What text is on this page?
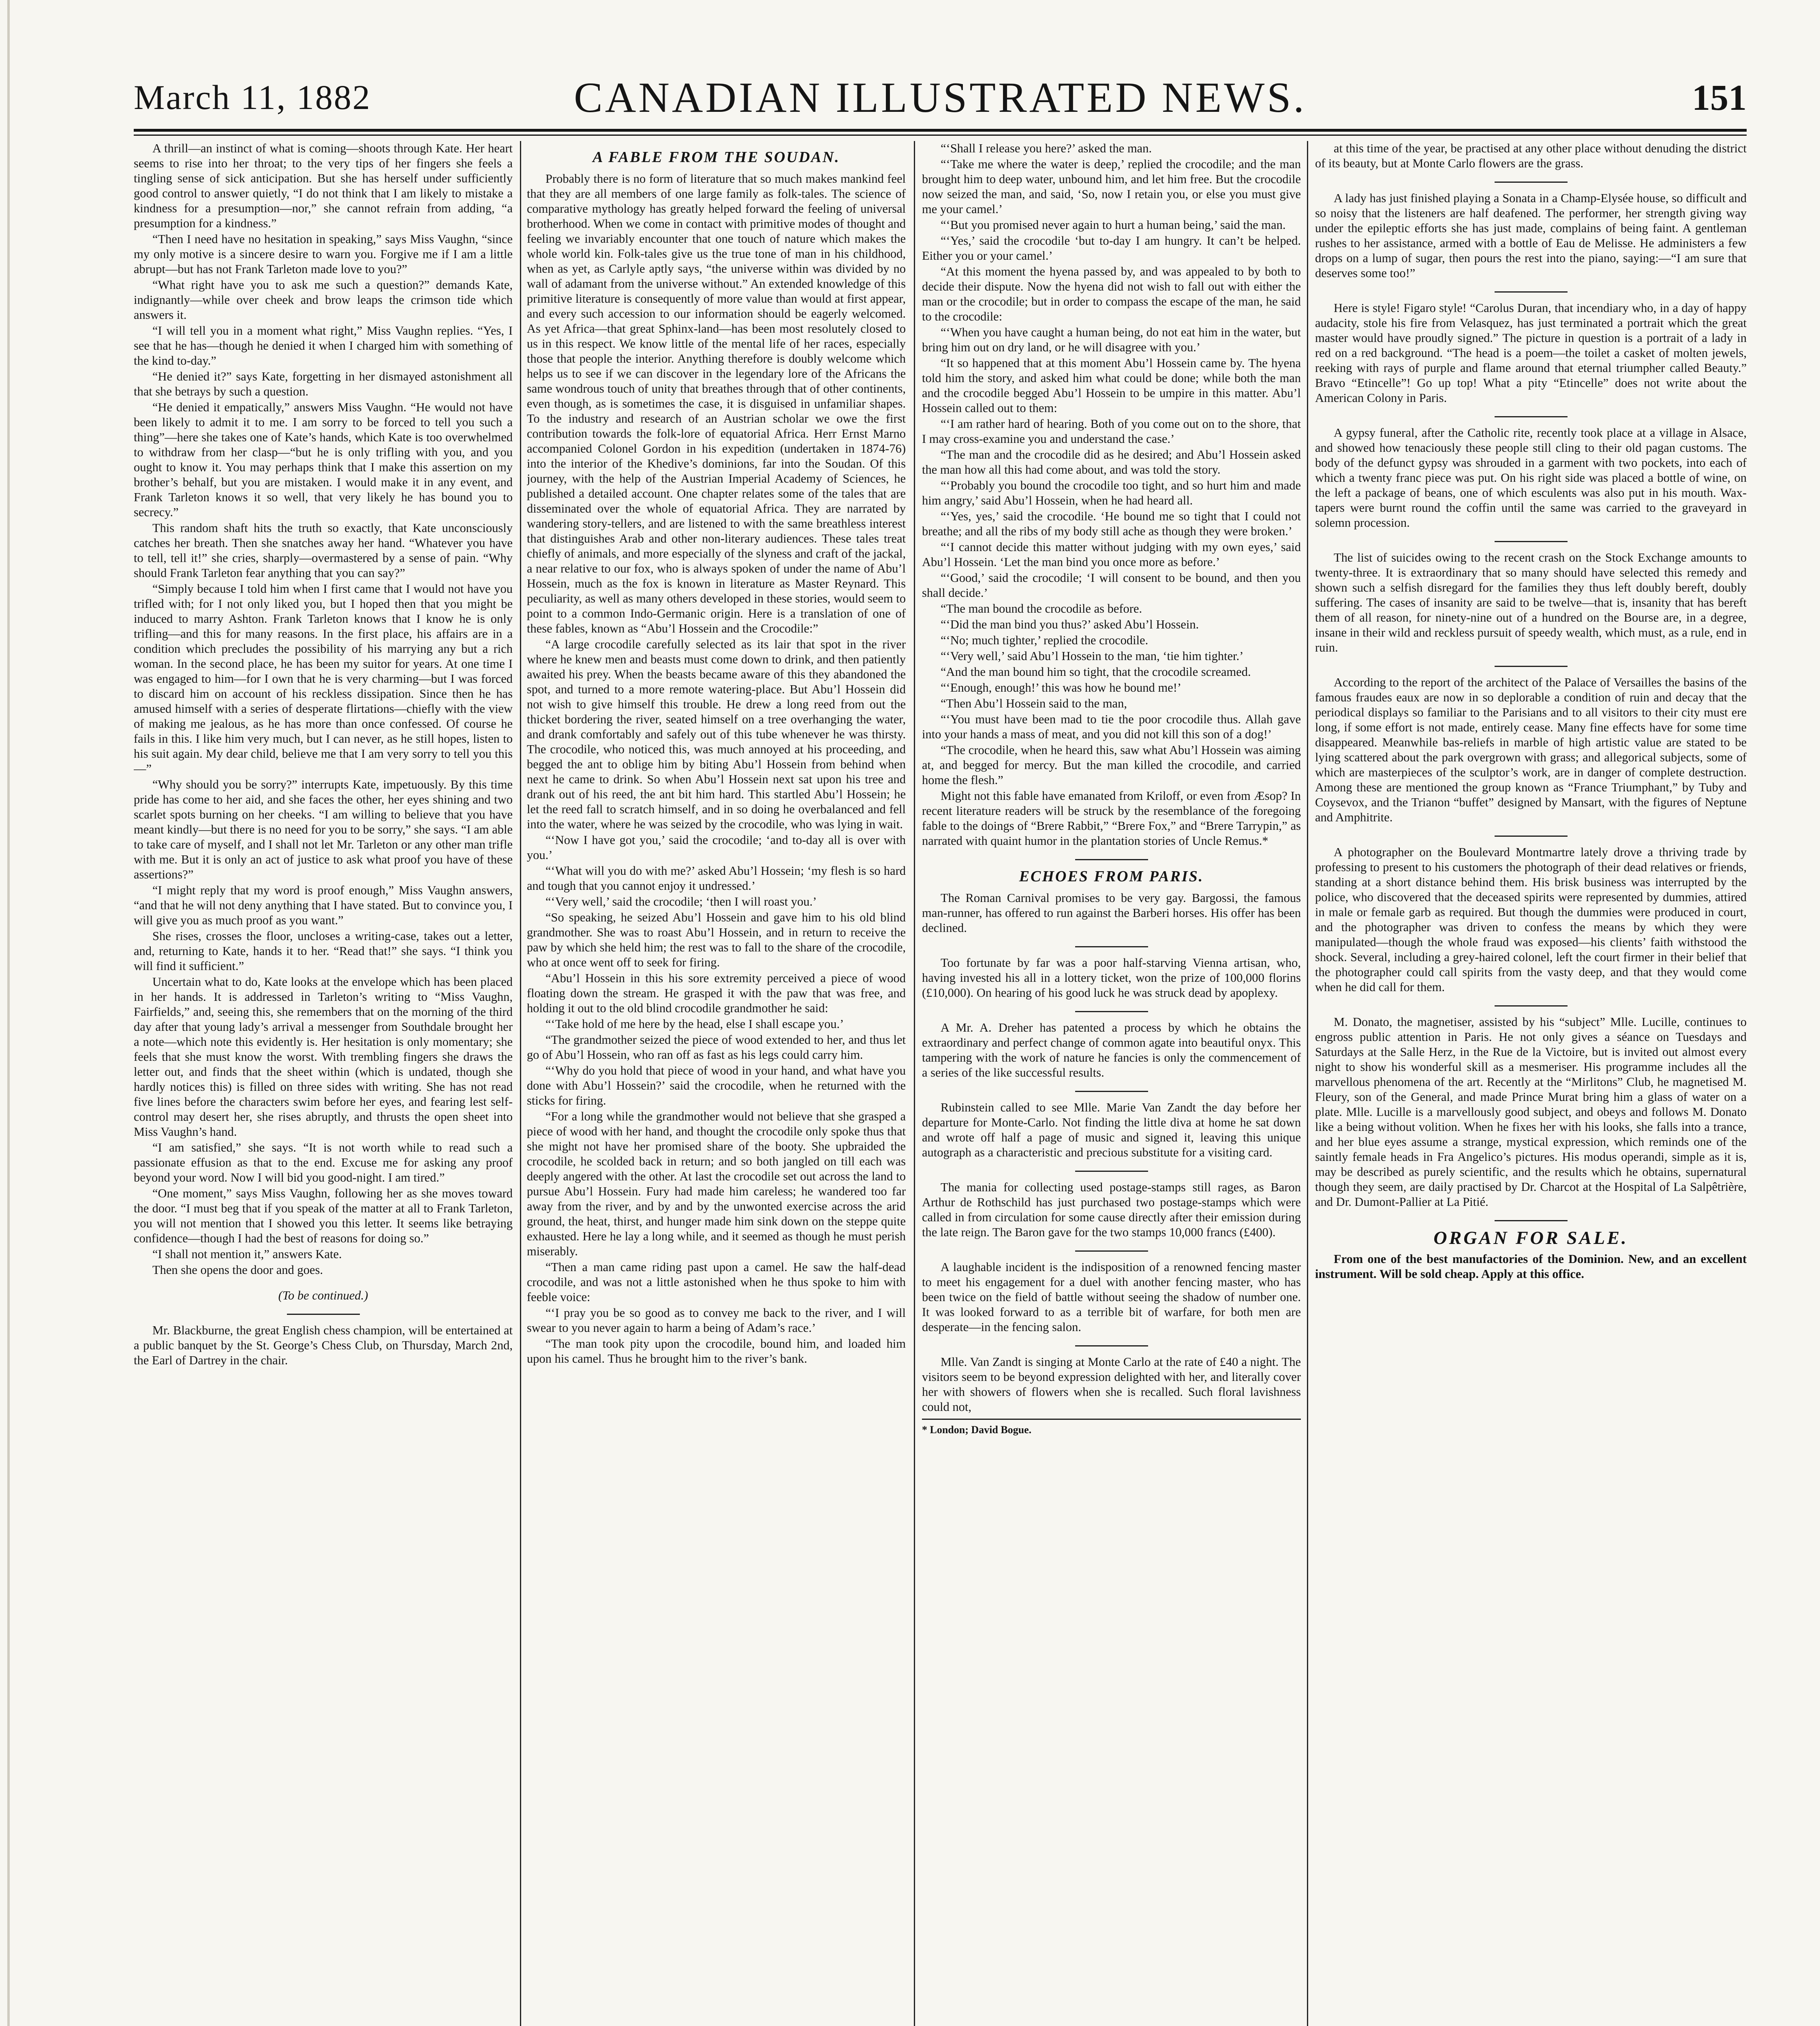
March 11, 1882	CANADIAN ILLUSTRATED NEWS.	151

A thrill—an instinct of what is coming—shoots through Kate. Her heart seems to rise into her throat; to the very tips of her fingers she feels a tingling sense of sick anticipation. But she has herself under sufficiently good control to answer quietly, “I do not think that I am likely to mistake a kindness for a presumption—nor,” she cannot refrain from adding, “a presumption for a kindness.”

“Then I need have no hesitation in speaking,” says Miss Vaughn, “since my only motive is a sincere desire to warn you. Forgive me if I am a little abrupt—but has not Frank Tarleton made love to you?”

“What right have you to ask me such a question?” demands Kate, indignantly—while over cheek and brow leaps the crimson tide which answers it.

“I will tell you in a moment what right,” Miss Vaughn replies. “Yes, I see that he has—though he denied it when I charged him with something of the kind to-day.”

“He denied it?” says Kate, forgetting in her dismayed astonishment all that she betrays by such a question.

“He denied it empatically,” answers Miss Vaughn. “He would not have been likely to admit it to me. I am sorry to be forced to tell you such a thing”—here she takes one of Kate’s hands, which Kate is too overwhelmed to withdraw from her clasp—“but he is only trifling with you, and you ought to know it. You may perhaps think that I make this assertion on my brother’s behalf, but you are mistaken. I would make it in any event, and Frank Tarleton knows it so well, that very likely he has bound you to secrecy.”

This random shaft hits the truth so exactly, that Kate unconsciously catches her breath. Then she snatches away her hand. “Whatever you have to tell, tell it!” she cries, sharply—overmastered by a sense of pain. “Why should Frank Tarleton fear anything that you can say?”

“Simply because I told him when I first came that I would not have you trifled with; for I not only liked you, but I hoped then that you might be induced to marry Ashton. Frank Tarleton knows that I know he is only trifling—and this for many reasons. In the first place, his affairs are in a condition which precludes the possibility of his marrying any but a rich woman. In the second place, he has been my suitor for years. At one time I was engaged to him—for I own that he is very charming—but I was forced to discard him on account of his reckless dissipation. Since then he has amused himself with a series of desperate flirtations—chiefly with the view of making me jealous, as he has more than once confessed. Of course he fails in this. I like him very much, but I can never, as he still hopes, listen to his suit again. My dear child, believe me that I am very sorry to tell you this—”

“Why should you be sorry?” interrupts Kate, impetuously. By this time pride has come to her aid, and she faces the other, her eyes shining and two scarlet spots burning on her cheeks. “I am willing to believe that you have meant kindly—but there is no need for you to be sorry,” she says. “I am able to take care of myself, and I shall not let Mr. Tarleton or any other man trifle with me. But it is only an act of justice to ask what proof you have of these assertions?”

“I might reply that my word is proof enough,” Miss Vaughn answers, “and that he will not deny anything that I have stated. But to convince you, I will give you as much proof as you want.”

She rises, crosses the floor, uncloses a writing-case, takes out a letter, and, returning to Kate, hands it to her. “Read that!” she says. “I think you will find it sufficient.”

Uncertain what to do, Kate looks at the envelope which has been placed in her hands. It is addressed in Tarleton’s writing to “Miss Vaughn, Fairfields,” and, seeing this, she remembers that on the morning of the third day after that young lady’s arrival a messenger from Southdale brought her a note—which note this evidently is. Her hesitation is only momentary; she feels that she must know the worst. With trembling fingers she draws the letter out, and finds that the sheet within (which is undated, though she hardly notices this) is filled on three sides with writing. She has not read five lines before the characters swim before her eyes, and fearing lest self-control may desert her, she rises abruptly, and thrusts the open sheet into Miss Vaughn’s hand.

“I am satisfied,” she says. “It is not worth while to read such a passionate effusion as that to the end. Excuse me for asking any proof beyond your word. Now I will bid you good-night. I am tired.”

“One moment,” says Miss Vaughn, following her as she moves toward the door. “I must beg that if you speak of the matter at all to Frank Tarleton, you will not mention that I showed you this letter. It seems like betraying confidence—though I had the best of reasons for doing so.”

“I shall not mention it,” answers Kate.

Then she opens the door and goes.

(To be continued.)

Mr. Blackburne, the great English chess champion, will be entertained at a public banquet by the St. George’s Chess Club, on Thursday, March 2nd, the Earl of Dartrey in the chair.

A FABLE FROM THE SOUDAN.

Probably there is no form of literature that so much makes mankind feel that they are all members of one large family as folk-tales. The science of comparative mythology has greatly helped forward the feeling of universal brotherhood. When we come in contact with primitive modes of thought and feeling we invariably encounter that one touch of nature which makes the whole world kin. Folk-tales give us the true tone of man in his childhood, when as yet, as Carlyle aptly says, “the universe within was divided by no wall of adamant from the universe without.” An extended knowledge of this primitive literature is consequently of more value than would at first appear, and every such accession to our information should be eagerly welcomed. As yet Africa—that great Sphinx-land—has been most resolutely closed to us in this respect. We know little of the mental life of her races, especially those that people the interior. Anything therefore is doubly welcome which helps us to see if we can discover in the legendary lore of the Africans the same wondrous touch of unity that breathes through that of other continents, even though, as is sometimes the case, it is disguised in unfamiliar shapes. To the industry and research of an Austrian scholar we owe the first contribution towards the folk-lore of equatorial Africa. Herr Ernst Marno accompanied Colonel Gordon in his expedition (undertaken in 1874-76) into the interior of the Khedive’s dominions, far into the Soudan. Of this journey, with the help of the Austrian Imperial Academy of Sciences, he published a detailed account. One chapter relates some of the tales that are disseminated over the whole of equatorial Africa. They are narrated by wandering story-tellers, and are listened to with the same breathless interest that distinguishes Arab and other non-literary audiences. These tales treat chiefly of animals, and more especially of the slyness and craft of the jackal, a near relative to our fox, who is always spoken of under the name of Abu’l Hossein, much as the fox is known in literature as Master Reynard. This peculiarity, as well as many others developed in these stories, would seem to point to a common Indo-Germanic origin. Here is a translation of one of these fables, known as “Abu’l Hossein and the Crocodile:”

“A large crocodile carefully selected as its lair that spot in the river where he knew men and beasts must come down to drink, and then patiently awaited his prey. When the beasts became aware of this they abandoned the spot, and turned to a more remote watering-place. But Abu’l Hossein did not wish to give himself this trouble. He drew a long reed from out the thicket bordering the river, seated himself on a tree overhanging the water, and drank comfortably and safely out of this tube whenever he was thirsty. The crocodile, who noticed this, was much annoyed at his proceeding, and begged the ant to oblige him by biting Abu’l Hossein from behind when next he came to drink. So when Abu’l Hossein next sat upon his tree and drank out of his reed, the ant bit him hard. This startled Abu’l Hossein; he let the reed fall to scratch himself, and in so doing he overbalanced and fell into the water, where he was seized by the crocodile, who was lying in wait.

“‘Now I have got you,’ said the crocodile; ‘and to-day all is over with you.’

“‘What will you do with me?’ asked Abu’l Hossein; ‘my flesh is so hard and tough that you cannot enjoy it undressed.’

“‘Very well,’ said the crocodile; ‘then I will roast you.’

“So speaking, he seized Abu’l Hossein and gave him to his old blind grandmother. She was to roast Abu’l Hossein, and in return to receive the paw by which she held him; the rest was to fall to the share of the crocodile, who at once went off to seek for firing.

“Abu’l Hossein in this his sore extremity perceived a piece of wood floating down the stream. He grasped it with the paw that was free, and holding it out to the old blind crocodile grandmother he said:

“‘Take hold of me here by the head, else I shall escape you.’

“The grandmother seized the piece of wood extended to her, and thus let go of Abu’l Hossein, who ran off as fast as his legs could carry him.

“‘Why do you hold that piece of wood in your hand, and what have you done with Abu’l Hossein?’ said the crocodile, when he returned with the sticks for firing.

“For a long while the grandmother would not believe that she grasped a piece of wood with her hand, and thought the crocodile only spoke thus that she might not have her promised share of the booty. She upbraided the crocodile, he scolded back in return; and so both jangled on till each was deeply angered with the other. At last the crocodile set out across the land to pursue Abu’l Hossein. Fury had made him careless; he wandered too far away from the river, and by and by the unwonted exercise across the arid ground, the heat, thirst, and hunger made him sink down on the steppe quite exhausted. Here he lay a long while, and it seemed as though he must perish miserably.

“Then a man came riding past upon a camel. He saw the half-dead crocodile, and was not a little astonished when he thus spoke to him with feeble voice:

“‘I pray you be so good as to convey me back to the river, and I will swear to you never again to harm a being of Adam’s race.’

“The man took pity upon the crocodile, bound him, and loaded him upon his camel. Thus he brought him to the river’s bank.

“‘Shall I release you here?’ asked the man.

“‘Take me where the water is deep,’ replied the crocodile; and the man brought him to deep water, unbound him, and let him free. But the crocodile now seized the man, and said, ‘So, now I retain you, or else you must give me your camel.’

“‘But you promised never again to hurt a human being,’ said the man.

“‘Yes,’ said the crocodile ‘but to-day I am hungry. It can’t be helped. Either you or your camel.’

“At this moment the hyena passed by, and was appealed to by both to decide their dispute. Now the hyena did not wish to fall out with either the man or the crocodile; but in order to compass the escape of the man, he said to the crocodile:

“‘When you have caught a human being, do not eat him in the water, but bring him out on dry land, or he will disagree with you.’

“It so happened that at this moment Abu’l Hossein came by. The hyena told him the story, and asked him what could be done; while both the man and the crocodile begged Abu’l Hossein to be umpire in this matter. Abu’l Hossein called out to them:

“‘I am rather hard of hearing. Both of you come out on to the shore, that I may cross-examine you and understand the case.’

“The man and the crocodile did as he desired; and Abu’l Hossein asked the man how all this had come about, and was told the story.

“‘Probably you bound the crocodile too tight, and so hurt him and made him angry,’ said Abu’l Hossein, when he had heard all.

“‘Yes, yes,’ said the crocodile. ‘He bound me so tight that I could not breathe; and all the ribs of my body still ache as though they were broken.’

“‘I cannot decide this matter without judging with my own eyes,’ said Abu’l Hossein. ‘Let the man bind you once more as before.’

“‘Good,’ said the crocodile; ‘I will consent to be bound, and then you shall decide.’

“The man bound the crocodile as before.

“‘Did the man bind you thus?’ asked Abu’l Hossein.

“‘No; much tighter,’ replied the crocodile.

“‘Very well,’ said Abu’l Hossein to the man, ‘tie him tighter.’

“And the man bound him so tight, that the crocodile screamed.

“‘Enough, enough!’ this was how he bound me!’

“Then Abu’l Hossein said to the man,

“‘You must have been mad to tie the poor crocodile thus. Allah gave into your hands a mass of meat, and you did not kill this son of a dog!’

“The crocodile, when he heard this, saw what Abu’l Hossein was aiming at, and begged for mercy. But the man killed the crocodile, and carried home the flesh.”

Might not this fable have emanated from Kriloff, or even from Æsop? In recent literature readers will be struck by the resemblance of the foregoing fable to the doings of “Brere Rabbit,” “Brere Fox,” and “Brere Tarrypin,” as narrated with quaint humor in the plantation stories of Uncle Remus.*

ECHOES FROM PARIS.

The Roman Carnival promises to be very gay. Bargossi, the famous man-runner, has offered to run against the Barberi horses. His offer has been declined.

Too fortunate by far was a poor half-starving Vienna artisan, who, having invested his all in a lottery ticket, won the prize of 100,000 florins (£10,000). On hearing of his good luck he was struck dead by apoplexy.

A Mr. A. Dreher has patented a process by which he obtains the extraordinary and perfect change of common agate into beautiful onyx. This tampering with the work of nature he fancies is only the commencement of a series of the like successful results.

Rubinstein called to see Mlle. Marie Van Zandt the day before her departure for Monte-Carlo. Not finding the little diva at home he sat down and wrote off half a page of music and signed it, leaving this unique autograph as a characteristic and precious substitute for a visiting card.

The mania for collecting used postage-stamps still rages, as Baron Arthur de Rothschild has just purchased two postage-stamps which were called in from circulation for some cause directly after their emission during the late reign. The Baron gave for the two stamps 10,000 francs (£400).

A laughable incident is the indisposition of a renowned fencing master to meet his engagement for a duel with another fencing master, who has been twice on the field of battle without seeing the shadow of number one. It was looked forward to as a terrible bit of warfare, for both men are desperate—in the fencing salon.

Mlle. Van Zandt is singing at Monte Carlo at the rate of £40 a night. The visitors seem to be beyond expression delighted with her, and literally cover her with showers of flowers when she is recalled. Such floral lavishness could not,

* London; David Bogue.

at this time of the year, be practised at any other place without denuding the district of its beauty, but at Monte Carlo flowers are the grass.

A lady has just finished playing a Sonata in a Champ-Elysée house, so difficult and so noisy that the listeners are half deafened. The performer, her strength giving way under the epileptic efforts she has just made, complains of being faint. A gentleman rushes to her assistance, armed with a bottle of Eau de Melisse. He administers a few drops on a lump of sugar, then pours the rest into the piano, saying:—“I am sure that deserves some too!”

Here is style! Figaro style! “Carolus Duran, that incendiary who, in a day of happy audacity, stole his fire from Velasquez, has just terminated a portrait which the great master would have proudly signed.” The picture in question is a portrait of a lady in red on a red background. “The head is a poem—the toilet a casket of molten jewels, reeking with rays of purple and flame around that eternal triumpher called Beauty.” Bravo “Etincelle”! Go up top! What a pity “Etincelle” does not write about the American Colony in Paris.

A gypsy funeral, after the Catholic rite, recently took place at a village in Alsace, and showed how tenaciously these people still cling to their old pagan customs. The body of the defunct gypsy was shrouded in a garment with two pockets, into each of which a twenty franc piece was put. On his right side was placed a bottle of wine, on the left a package of beans, one of which esculents was also put in his mouth. Wax-tapers were burnt round the coffin until the same was carried to the graveyard in solemn procession.

The list of suicides owing to the recent crash on the Stock Exchange amounts to twenty-three. It is extraordinary that so many should have selected this remedy and shown such a selfish disregard for the families they thus left doubly bereft, doubly suffering. The cases of insanity are said to be twelve—that is, insanity that has bereft them of all reason, for ninety-nine out of a hundred on the Bourse are, in a degree, insane in their wild and reckless pursuit of speedy wealth, which must, as a rule, end in ruin.

According to the report of the architect of the Palace of Versailles the basins of the famous fraudes eaux are now in so deplorable a condition of ruin and decay that the periodical displays so familiar to the Parisians and to all visitors to their city must ere long, if some effort is not made, entirely cease. Many fine effects have for some time disappeared. Meanwhile bas-reliefs in marble of high artistic value are stated to be lying scattered about the park overgrown with grass; and allegorical subjects, some of which are masterpieces of the sculptor’s work, are in danger of complete destruction. Among these are mentioned the group known as “France Triumphant,” by Tuby and Coysevox, and the Trianon “buffet” designed by Mansart, with the figures of Neptune and Amphitrite.

A photographer on the Boulevard Montmartre lately drove a thriving trade by professing to present to his customers the photograph of their dead relatives or friends, standing at a short distance behind them. His brisk business was interrupted by the police, who discovered that the deceased spirits were represented by dummies, attired in male or female garb as required. But though the dummies were produced in court, and the photographer was driven to confess the means by which they were manipulated—though the whole fraud was exposed—his clients’ faith withstood the shock. Several, including a grey-haired colonel, left the court firmer in their belief that the photographer could call spirits from the vasty deep, and that they would come when he did call for them.

M. Donato, the magnetiser, assisted by his “subject” Mlle. Lucille, continues to engross public attention in Paris. He not only gives a séance on Tuesdays and Saturdays at the Salle Herz, in the Rue de la Victoire, but is invited out almost every night to show his wonderful skill as a mesmeriser. His programme includes all the marvellous phenomena of the art. Recently at the “Mirlitons” Club, he magnetised M. Fleury, son of the General, and made Prince Murat bring him a glass of water on a plate. Mlle. Lucille is a marvellously good subject, and obeys and follows M. Donato like a being without volition. When he fixes her with his looks, she falls into a trance, and her blue eyes assume a strange, mystical expression, which reminds one of the saintly female heads in Fra Angelico’s pictures. His modus operandi, simple as it is, may be described as purely scientific, and the results which he obtains, supernatural though they seem, are daily practised by Dr. Charcot at the Hospital of La Salpêtrière, and Dr. Dumont-Pallier at La Pitié.

ORGAN FOR SALE.

From one of the best manufactories of the Dominion. New, and an excellent instrument. Will be sold cheap. Apply at this office.
